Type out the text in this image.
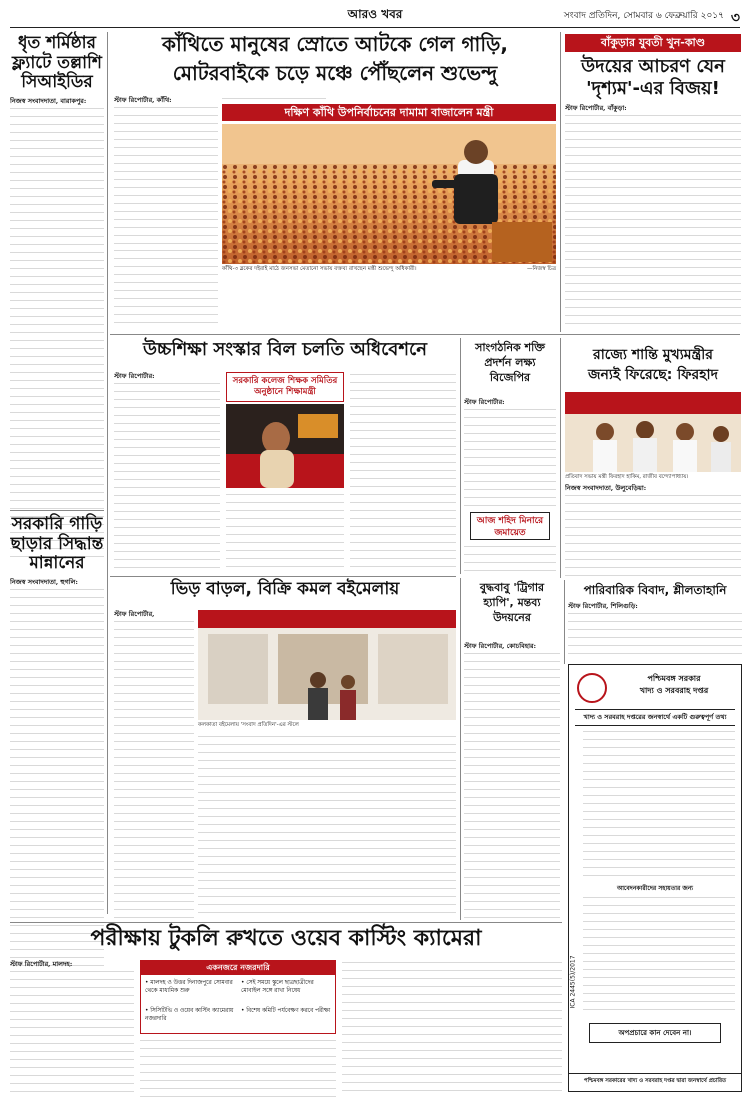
আরও খবর	সংবাদ প্রতিদিন, সোমবার ৬ ফেব্রুয়ারি ২০১৭ ৩
ধৃত শর্মিষ্ঠার ফ্ল্যাটে তল্লাশি সিআইডির
নিজস্ব সংবাদদাতা, বারাকপুর:
সরকারি গাড়ি ছাড়ার সিদ্ধান্ত মান্নানের
নিজস্ব সংবাদদাতা, হুগলি:
কাঁথিতে মানুষের স্রোতে আটকে গেল গাড়ি,
মোটরবাইকে চড়ে মঞ্চে পৌঁছলেন শুভেন্দু
স্টাফ রিপোর্টার, কাঁথি:
দক্ষিণ কাঁথি উপনির্বাচনের দামামা বাজালেন মন্ত্রী
কাঁথি-৩ ব্লকের দইরাই মাঠে জনসভা মেতানো সভায় বক্তব্য রাখছেন মন্ত্রী শুভেন্দু অধিকারী।	—নিজস্ব চিত্র
বাঁকুড়ার যুবতী খুন-কাণ্ড
উদয়ের আচরণ যেন 'দৃশ্যম'-এর বিজয়!
স্টাফ রিপোর্টার, বাঁকুড়া:
উচ্চশিক্ষা সংস্কার বিল চলতি অধিবেশনে
স্টাফ রিপোর্টার:	সরকারি কলেজ শিক্ষক সমিতির অনুষ্ঠানে শিক্ষামন্ত্রী
সাংগঠনিক শক্তি প্রদর্শন লক্ষ্য বিজেপির
স্টাফ রিপোর্টার:
আজ শহিদ মিনারে জমায়েত
রাজ্যে শান্তি মুখ্যমন্ত্রীর
জন্যই ফিরেছে: ফিরহাদ
প্রতিবাদ সভায় মন্ত্রী ফিরহাদ হাকিম, রাজীব বন্দ্যোপাধ্যায়।
নিজস্ব সংবাদদাতা, উলুবেড়িয়া:
ভিড় বাড়ল, বিক্রি কমল বইমেলায়
স্টাফ রিপোর্টার,
কলকাতা বইমেলায় 'সংবাদ প্রতিদিন'-এর স্টলে
বুদ্ধবাবু 'ট্রিগার হ্যাপি', মন্তব্য উদয়নের
স্টাফ রিপোর্টার, কোচবিহার:
পারিবারিক বিবাদ, শ্লীলতাহানি
স্টাফ রিপোর্টার, শিলিগুড়ি:
পশ্চিমবঙ্গ সরকার
খাদ্য ও সরবরাহ দপ্তর
খাদ্য ও সরবরাহ দপ্তরের জনস্বার্থে একটি গুরুত্বপূর্ণ তথ্য
আবেদনকারীদের সহায়তার জন্য
অপপ্রচারে কান দেবেন না।
ICA 2445(5)/2017
পশ্চিমবঙ্গ সরকারের খাদ্য ও সরবরাহ দপ্তর দ্বারা জনস্বার্থে প্রচারিত
পরীক্ষায় টুকলি রুখতে ওয়েব কাস্টিং ক্যামেরা
স্টাফ রিপোর্টার, মালদহ:	একনজরে নজরদারি
• মালদহ ও উত্তর দিনাজপুরে সোমবার থেকে মাধ্যমিক শুরু
• সেই সময়ে স্কুলে ছাত্রছাত্রীদের মোবাইল সঙ্গে রাখা নিষেধ
• সিসিটিভি ও ওয়েব কাস্টিং ক্যামেরায় নজরদারি
• বিশেষ কমিটি পর্যবেক্ষণ করবে পরীক্ষা
